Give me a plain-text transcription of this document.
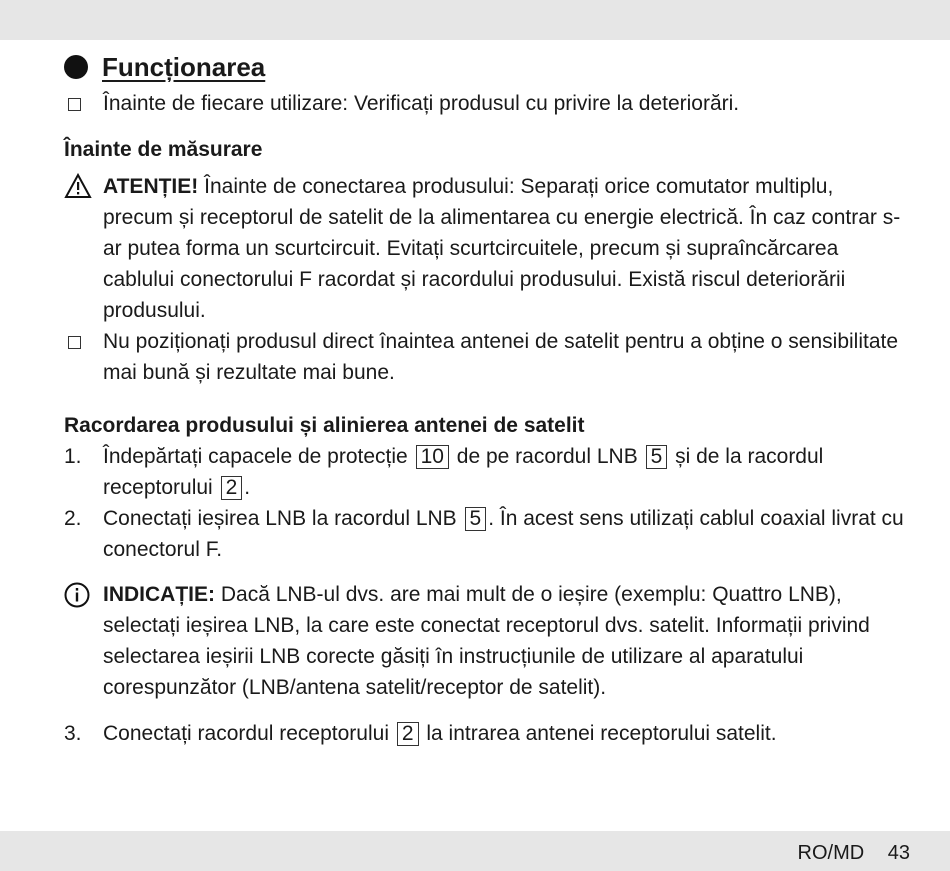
Funcționarea
Înainte de fiecare utilizare: Verificați produsul cu privire la deteriorări.
Înainte de măsurare
ATENȚIE! Înainte de conectarea produsului: Separați orice comutator multiplu, precum și receptorul de satelit de la alimentarea cu energie electrică. În caz contrar s-ar putea forma un scurtcircuit. Evitați scurtcircuitele, precum și supraîncărcarea cablului conectorului F racordat și racordului produsului. Există riscul deteriorării produsului.
Nu poziționați produsul direct înaintea antenei de satelit pentru a obține o sensibilitate mai bună și rezultate mai bune.
Racordarea produsului și alinierea antenei de satelit
1.	Îndepărtați capacele de protecție 10 de pe racordul LNB 5 și de la racordul receptorului 2 .
2.	Conectați ieșirea LNB la racordul LNB 5 . În acest sens utilizați cablul coaxial livrat cu conectorul F.
INDICAȚIE: Dacă LNB-ul dvs. are mai mult de o ieșire (exemplu: Quattro LNB), selectați ieșirea LNB, la care este conectat receptorul dvs. satelit. Informații privind selectarea ieșirii LNB corecte găsiți în instrucțiunile de utilizare al aparatului corespunzător (LNB/antena satelit/receptor de satelit).
3.	Conectați racordul receptorului 2 la intrarea antenei receptorului satelit.
RO/MD 43
